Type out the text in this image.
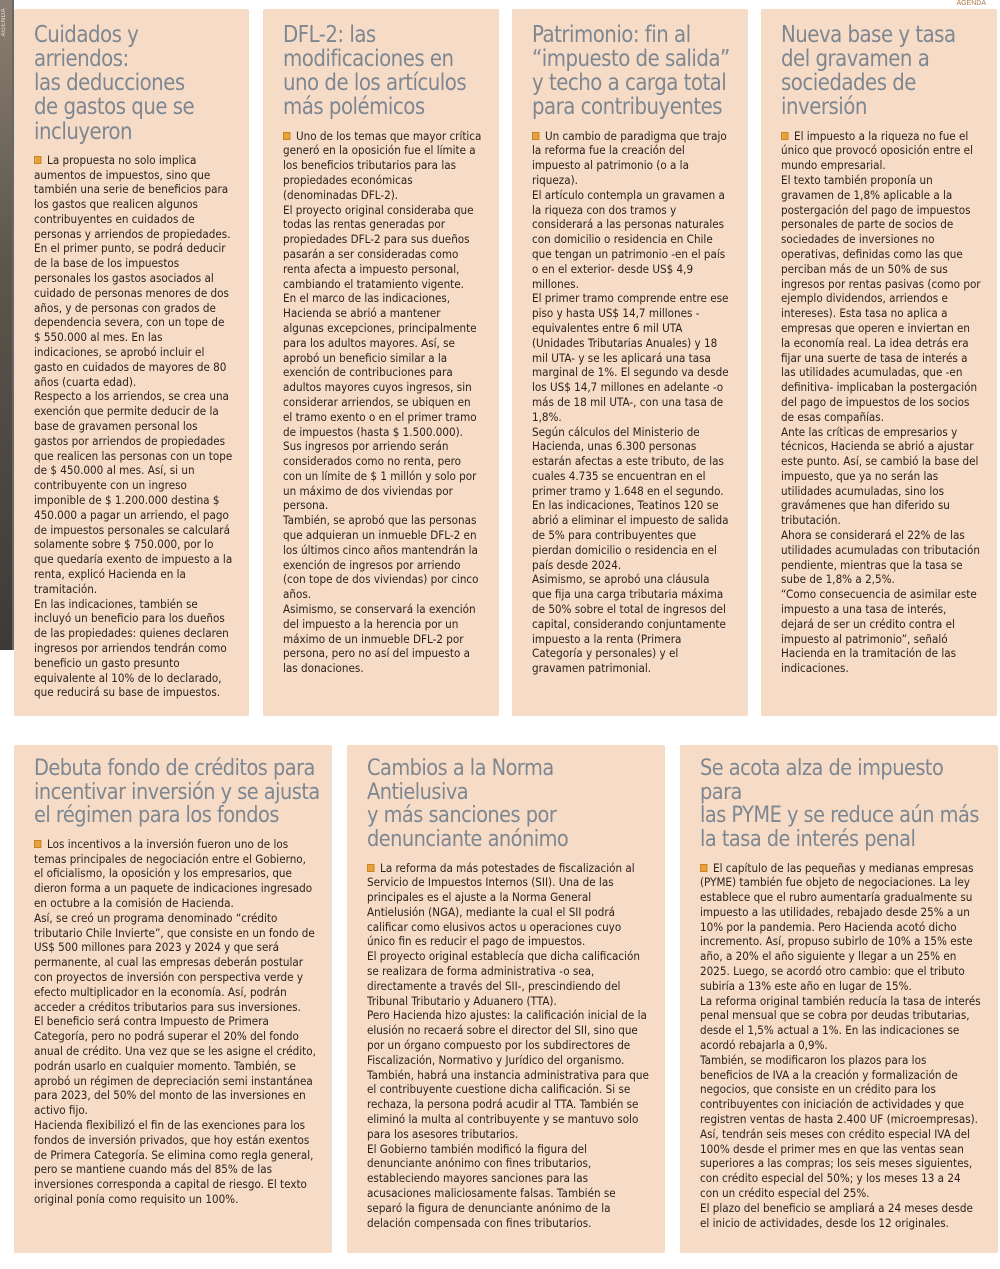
AGENDA
AGENDA
Cuidados y arriendos:
las deducciones
de gastos que se
incluyeron

La propuesta no solo implica aumentos de impuestos, sino que también una serie de beneficios para los gastos que realicen algunos contribuyentes en cuidados de personas y arriendos de propiedades.

En el primer punto, se podrá deducir de la base de los impuestos personales los gastos asociados al cuidado de personas menores de dos años, y de personas con grados de dependencia severa, con un tope de $ 550.000 al mes. En las indicaciones, se aprobó incluir el gasto en cuidados de mayores de 80 años (cuarta edad).

Respecto a los arriendos, se crea una exención que permite deducir de la base de gravamen personal los gastos por arriendos de propiedades que realicen las personas con un tope de $ 450.000 al mes. Así, si un contribuyente con un ingreso imponible de $ 1.200.000 destina $ 450.000 a pagar un arriendo, el pago de impuestos personales se calculará solamente sobre $ 750.000, por lo que quedaría exento de impuesto a la renta, explicó Hacienda en la tramitación.

En las indicaciones, también se incluyó un beneficio para los dueños de las propiedades: quienes declaren ingresos por arriendos tendrán como beneficio un gasto presunto equivalente al 10% de lo declarado, que reducirá su base de impuestos.

DFL-2: las
modificaciones en
uno de los artículos
más polémicos

Uno de los temas que mayor crítica generó en la oposición fue el límite a los beneficios tributarios para las propiedades económicas (denominadas DFL-2).

El proyecto original consideraba que todas las rentas generadas por propiedades DFL-2 para sus dueños pasarán a ser consideradas como renta afecta a impuesto personal, cambiando el tratamiento vigente.

En el marco de las indicaciones, Hacienda se abrió a mantener algunas excepciones, principalmente para los adultos mayores. Así, se aprobó un beneficio similar a la exención de contribuciones para adultos mayores cuyos ingresos, sin considerar arriendos, se ubiquen en el tramo exento o en el primer tramo de impuestos (hasta $ 1.500.000). Sus ingresos por arriendo serán considerados como no renta, pero con un límite de $ 1 millón y solo por un máximo de dos viviendas por persona.

También, se aprobó que las personas que adquieran un inmueble DFL-2 en los últimos cinco años mantendrán la exención de ingresos por arriendo (con tope de dos viviendas) por cinco años.

Asimismo, se conservará la exención del impuesto a la herencia por un máximo de un inmueble DFL-2 por persona, pero no así del impuesto a las donaciones.

Patrimonio: fin al
“impuesto de salida”
y techo a carga total
para contribuyentes

Un cambio de paradigma que trajo la reforma fue la creación del impuesto al patrimonio (o a la riqueza).

El artículo contempla un gravamen a la riqueza con dos tramos y considerará a las personas naturales con domicilio o residencia en Chile que tengan un patrimonio -en el país o en el exterior- desde US$ 4,9 millones.

El primer tramo comprende entre ese piso y hasta US$ 14,7 millones -equivalentes entre 6 mil UTA (Unidades Tributarias Anuales) y 18 mil UTA- y se les aplicará una tasa marginal de 1%. El segundo va desde los US$ 14,7 millones en adelante -o más de 18 mil UTA-, con una tasa de 1,8%.

Según cálculos del Ministerio de Hacienda, unas 6.300 personas estarán afectas a este tributo, de las cuales 4.735 se encuentran en el primer tramo y 1.648 en el segundo.

En las indicaciones, Teatinos 120 se abrió a eliminar el impuesto de salida de 5% para contribuyentes que pierdan domicilio o residencia en el país desde 2024.

Asimismo, se aprobó una cláusula que fija una carga tributaria máxima de 50% sobre el total de ingresos del capital, considerando conjuntamente impuesto a la renta (Primera Categoría y personales) y el gravamen patrimonial.

Nueva base y tasa
del gravamen a
sociedades de
inversión

El impuesto a la riqueza no fue el único que provocó oposición entre el mundo empresarial.

El texto también proponía un gravamen de 1,8% aplicable a la postergación del pago de impuestos personales de parte de socios de sociedades de inversiones no operativas, definidas como las que perciban más de un 50% de sus ingresos por rentas pasivas (como por ejemplo dividendos, arriendos e intereses). Esta tasa no aplica a empresas que operen e inviertan en la economía real. La idea detrás era fijar una suerte de tasa de interés a las utilidades acumuladas, que -en definitiva- implicaban la postergación del pago de impuestos de los socios de esas compañías.

Ante las críticas de empresarios y técnicos, Hacienda se abrió a ajustar este punto. Así, se cambió la base del impuesto, que ya no serán las utilidades acumuladas, sino los gravámenes que han diferido su tributación.

Ahora se considerará el 22% de las utilidades acumuladas con tributación pendiente, mientras que la tasa se sube de 1,8% a 2,5%.

“Como consecuencia de asimilar este impuesto a una tasa de interés, dejará de ser un crédito contra el impuesto al patrimonio”, señaló Hacienda en la tramitación de las indicaciones.

Debuta fondo de créditos para
incentivar inversión y se ajusta
el régimen para los fondos

Los incentivos a la inversión fueron uno de los temas principales de negociación entre el Gobierno, el oficialismo, la oposición y los empresarios, que dieron forma a un paquete de indicaciones ingresado en octubre a la comisión de Hacienda.

Así, se creó un programa denominado “crédito tributario Chile Invierte”, que consiste en un fondo de US$ 500 millones para 2023 y 2024 y que será permanente, al cual las empresas deberán postular con proyectos de inversión con perspectiva verde y efecto multiplicador en la economía. Así, podrán acceder a créditos tributarios para sus inversiones.

El beneficio será contra Impuesto de Primera Categoría, pero no podrá superar el 20% del fondo anual de crédito. Una vez que se les asigne el crédito, podrán usarlo en cualquier momento. También, se aprobó un régimen de depreciación semi instantánea para 2023, del 50% del monto de las inversiones en activo fijo.

Hacienda flexibilizó el fin de las exenciones para los fondos de inversión privados, que hoy están exentos de Primera Categoría. Se elimina como regla general, pero se mantiene cuando más del 85% de las inversiones corresponda a capital de riesgo. El texto original ponía como requisito un 100%.

Cambios a la Norma Antielusiva
y más sanciones por
denunciante anónimo

La reforma da más potestades de fiscalización al Servicio de Impuestos Internos (SII). Una de las principales es el ajuste a la Norma General Antielusión (NGA), mediante la cual el SII podrá calificar como elusivos actos u operaciones cuyo único fin es reducir el pago de impuestos.

El proyecto original establecía que dicha calificación se realizara de forma administrativa -o sea, directamente a través del SII-, prescindiendo del Tribunal Tributario y Aduanero (TTA).

Pero Hacienda hizo ajustes: la calificación inicial de la elusión no recaerá sobre el director del SII, sino que por un órgano compuesto por los subdirectores de Fiscalización, Normativo y Jurídico del organismo. También, habrá una instancia administrativa para que el contribuyente cuestione dicha calificación. Si se rechaza, la persona podrá acudir al TTA. También se eliminó la multa al contribuyente y se mantuvo solo para los asesores tributarios.

El Gobierno también modificó la figura del denunciante anónimo con fines tributarios, estableciendo mayores sanciones para las acusaciones maliciosamente falsas. También se separó la figura de denunciante anónimo de la delación compensada con fines tributarios.

Se acota alza de impuesto para
las PYME y se reduce aún más
la tasa de interés penal

El capítulo de las pequeñas y medianas empresas (PYME) también fue objeto de negociaciones. La ley establece que el rubro aumentaría gradualmente su impuesto a las utilidades, rebajado desde 25% a un 10% por la pandemia. Pero Hacienda acotó dicho incremento. Así, propuso subirlo de 10% a 15% este año, a 20% el año siguiente y llegar a un 25% en 2025. Luego, se acordó otro cambio: que el tributo subiría a 13% este año en lugar de 15%.

La reforma original también reducía la tasa de interés penal mensual que se cobra por deudas tributarias, desde el 1,5% actual a 1%. En las indicaciones se acordó rebajarla a 0,9%.

También, se modificaron los plazos para los beneficios de IVA a la creación y formalización de negocios, que consiste en un crédito para los contribuyentes con iniciación de actividades y que registren ventas de hasta 2.400 UF (microempresas). Así, tendrán seis meses con crédito especial IVA del 100% desde el primer mes en que las ventas sean superiores a las compras; los seis meses siguientes, con crédito especial del 50%; y los meses 13 a 24 con un crédito especial del 25%.

El plazo del beneficio se ampliará a 24 meses desde el inicio de actividades, desde los 12 originales.
